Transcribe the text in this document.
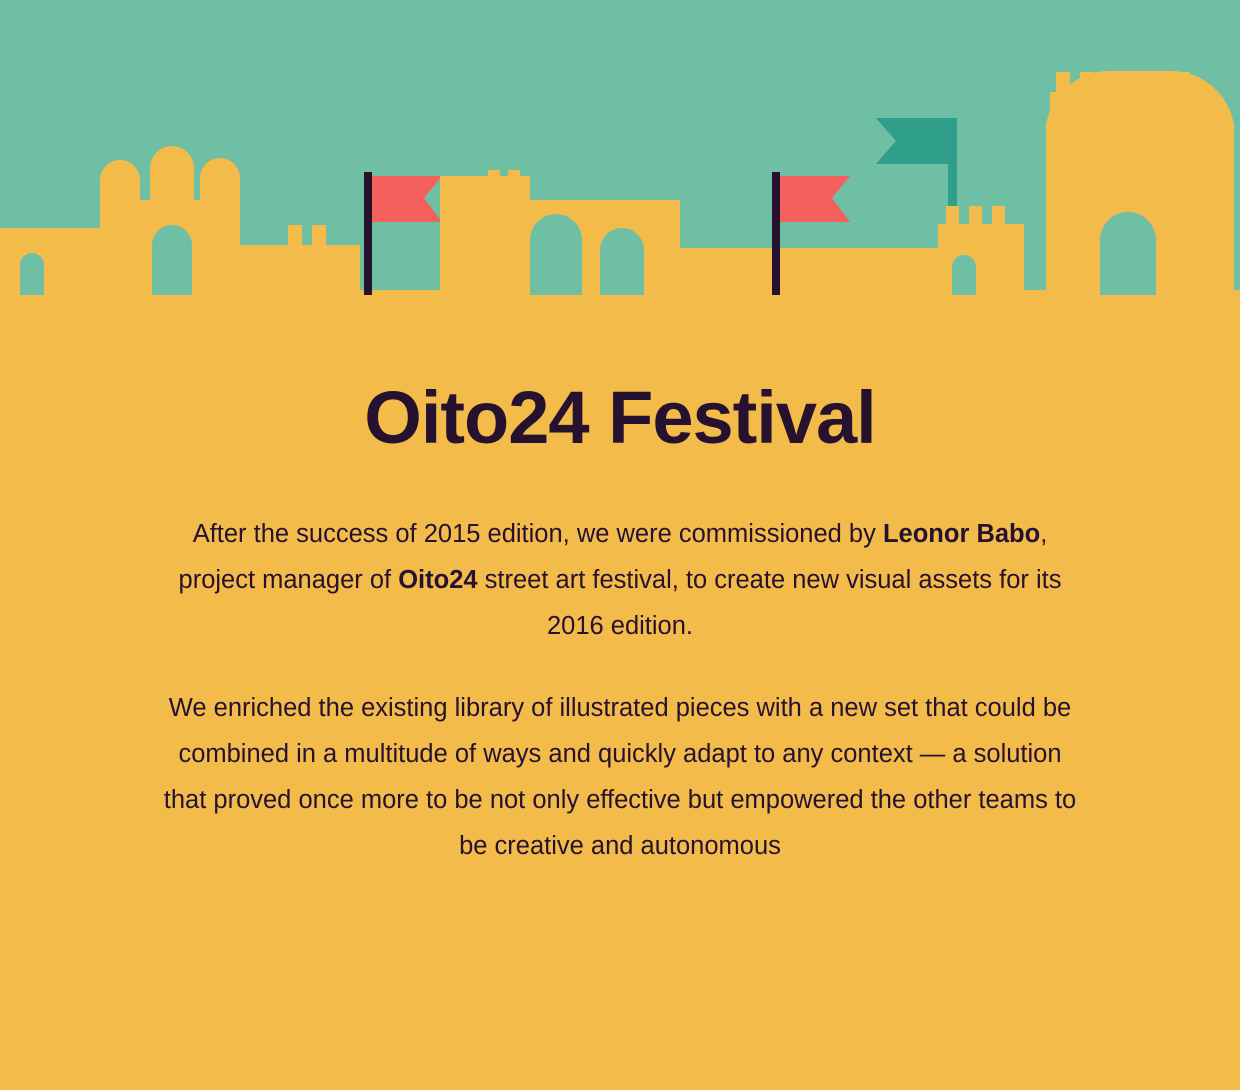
Oito24 Festival

After the success of 2015 edition, we were commissioned by Leonor Babo, project manager of Oito24 street art festival, to create new visual assets for its 2016 edition.

We enriched the existing library of illustrated pieces with a new set that could be combined in a multitude of ways and quickly adapt to any context — a solution that proved once more to be not only effective but empowered the other teams to be creative and autonomous
